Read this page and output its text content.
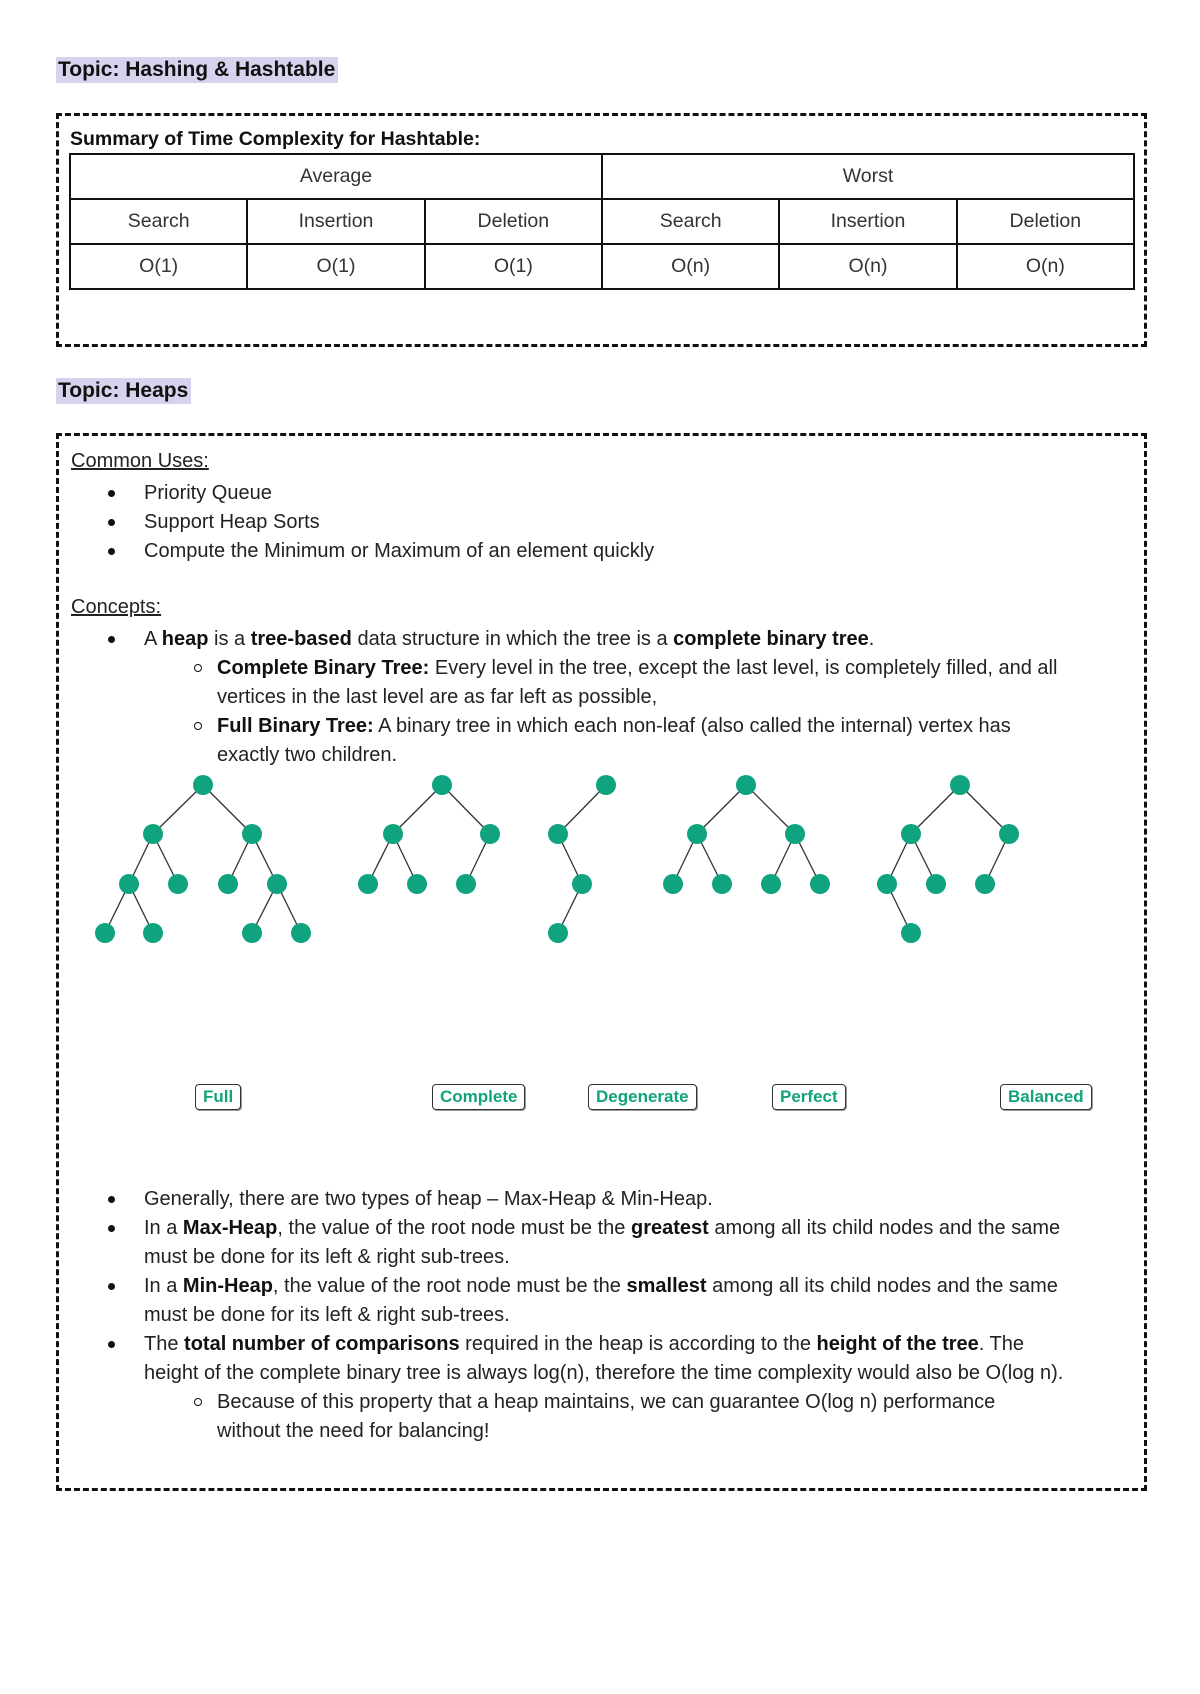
Topic: Hashing & Hashtable
Summary of Time Complexity for Hashtable:
Average			Worst		
Search	Insertion	Deletion	Search	Insertion	Deletion
O(1)	O(1)	O(1)	O(n)	O(n)	O(n)
Topic: Heaps
Common Uses:
Priority Queue
Support Heap Sorts
Compute the Minimum or Maximum of an element quickly
Concepts:
A heap is a tree-based data structure in which the tree is a complete binary tree.
Complete Binary Tree: Every level in the tree, except the last level, is completely filled, and all vertices in the last level are as far left as possible,
Full Binary Tree: A binary tree in which each non-leaf (also called the internal) vertex has exactly two children.
Full	Complete	Degenerate	Perfect	Balanced
Generally, there are two types of heap – Max-Heap & Min-Heap.
In a Max-Heap, the value of the root node must be the greatest among all its child nodes and the same must be done for its left & right sub-trees.
In a Min-Heap, the value of the root node must be the smallest among all its child nodes and the same must be done for its left & right sub-trees.
The total number of comparisons required in the heap is according to the height of the tree. The height of the complete binary tree is always log(n), therefore the time complexity would also be O(log n).
Because of this property that a heap maintains, we can guarantee O(log n) performance without the need for balancing!
